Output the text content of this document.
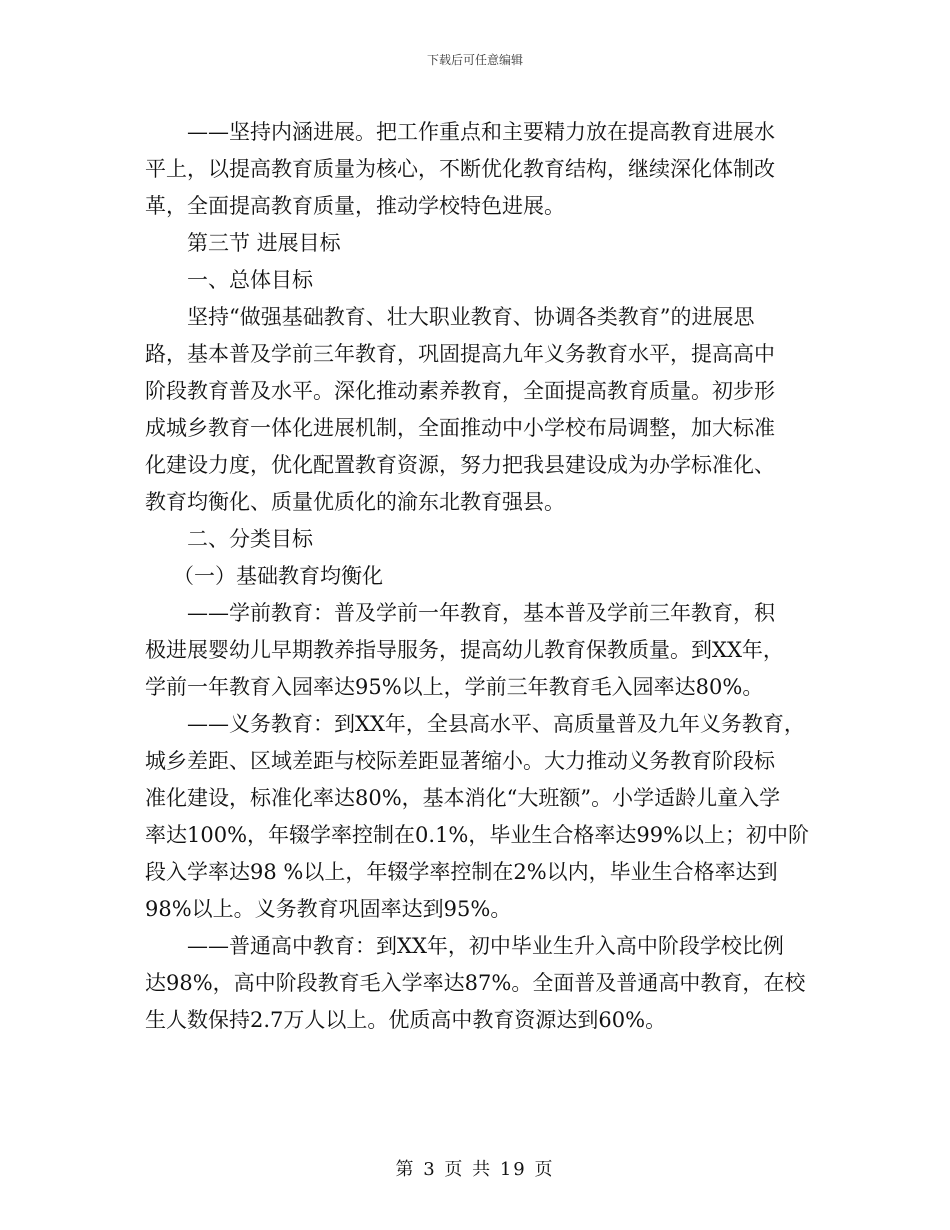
下载后可任意编辑
——坚持内涵进展。把工作重点和主要精力放在提高教育进展水
平上，以提高教育质量为核心，不断优化教育结构，继续深化体制改
革，全面提高教育质量，推动学校特色进展。
第三节 进展目标
一、总体目标
坚持“做强基础教育、壮大职业教育、协调各类教育”的进展思
路，基本普及学前三年教育，巩固提高九年义务教育水平，提高高中
阶段教育普及水平。深化推动素养教育，全面提高教育质量。初步形
成城乡教育一体化进展机制，全面推动中小学校布局调整，加大标准
化建设力度，优化配置教育资源，努力把我县建设成为办学标准化、
教育均衡化、质量优质化的渝东北教育强县。
二、分类目标
（一）基础教育均衡化
——学前教育：普及学前一年教育，基本普及学前三年教育，积
极进展婴幼儿早期教养指导服务，提高幼儿教育保教质量。到XX年，
学前一年教育入园率达95%以上，学前三年教育毛入园率达80%。
——义务教育：到XX年，全县高水平、高质量普及九年义务教育，
城乡差距、区域差距与校际差距显著缩小。大力推动义务教育阶段标
准化建设，标准化率达80%，基本消化“大班额”。小学适龄儿童入学
率达100%，年辍学率控制在0.1%，毕业生合格率达99%以上；初中阶
段入学率达98 %以上，年辍学率控制在2%以内，毕业生合格率达到
98%以上。义务教育巩固率达到95%。
——普通高中教育：到XX年，初中毕业生升入高中阶段学校比例
达98%，高中阶段教育毛入学率达87%。全面普及普通高中教育，在校
生人数保持2.7万人以上。优质高中教育资源达到60%。
第 3 页 共 19 页
